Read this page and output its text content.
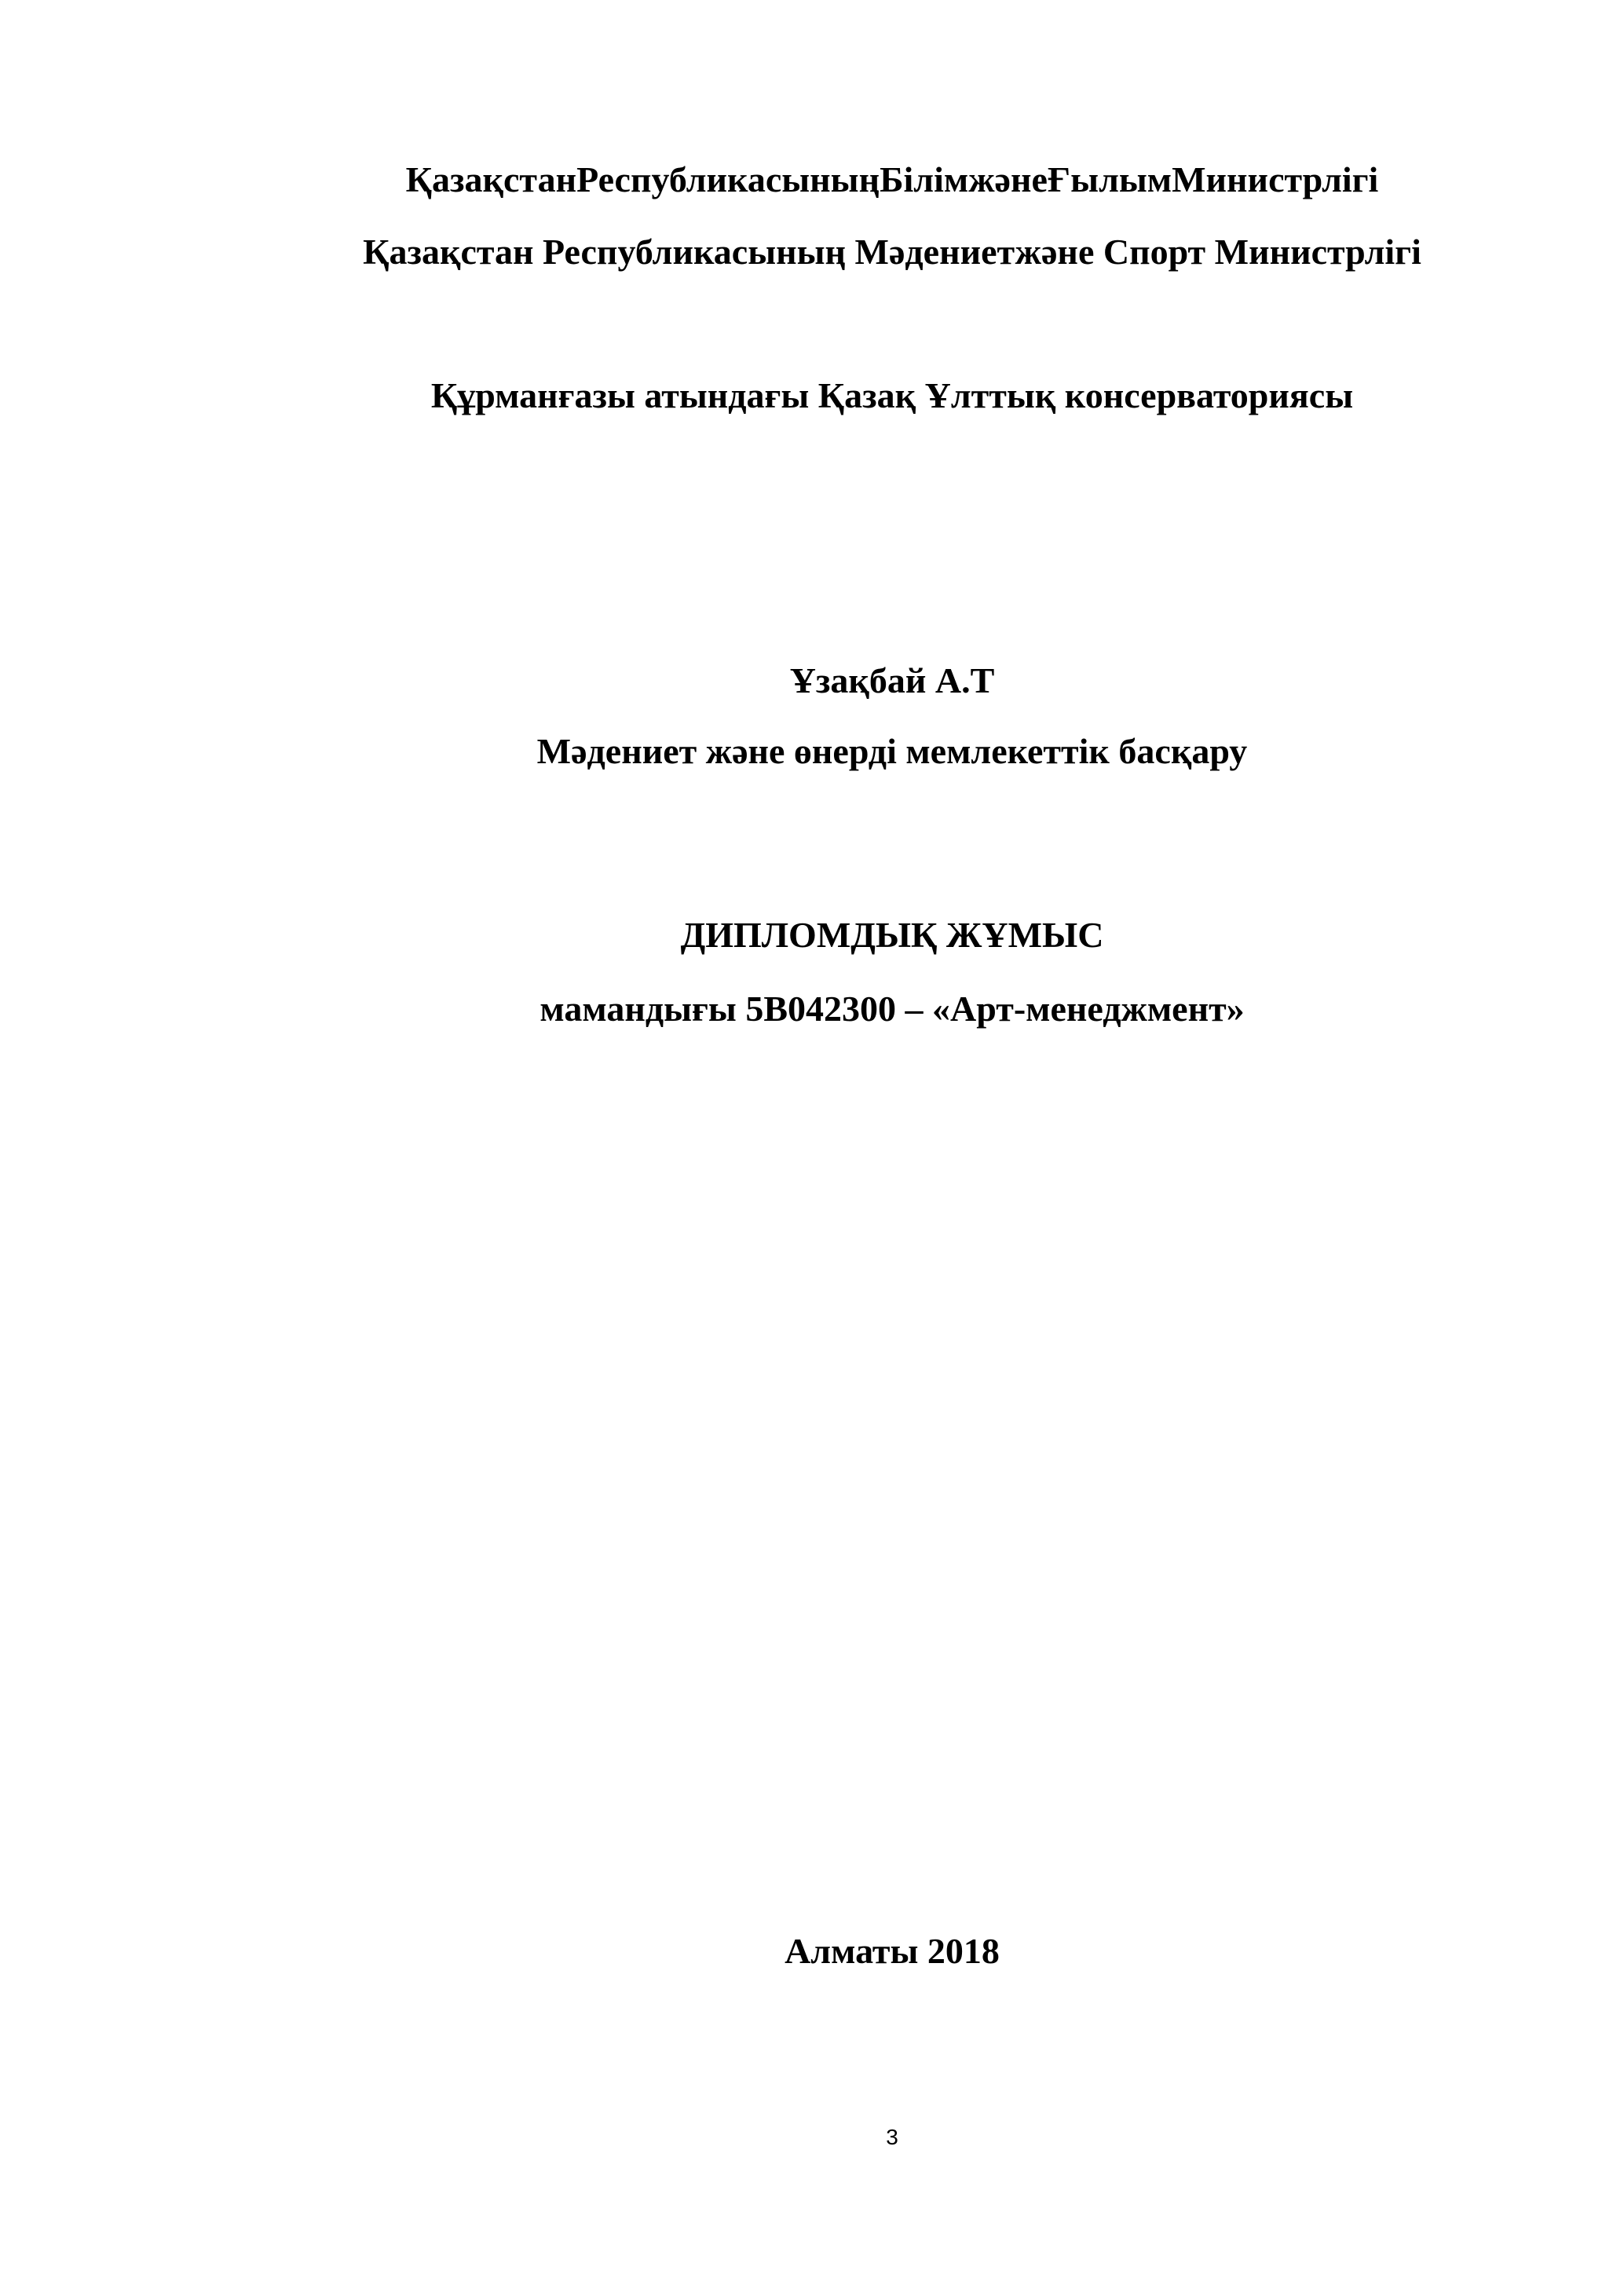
ҚазақстанРеспубликасыныңБілімжәнеҒылымМинистрлігі

Қазақстан Республикасының Мәдениетжәне Спорт Министрлігі

Құрманғазы атындағы Қазақ Ұлттық консерваториясы

Ұзақбай А.Т

Мәдениет және өнерді мемлекеттік басқару

ДИПЛОМДЫҚ ЖҰМЫС

мамандығы 5В042300 – «Арт-менеджмент»

Алматы 2018

3
